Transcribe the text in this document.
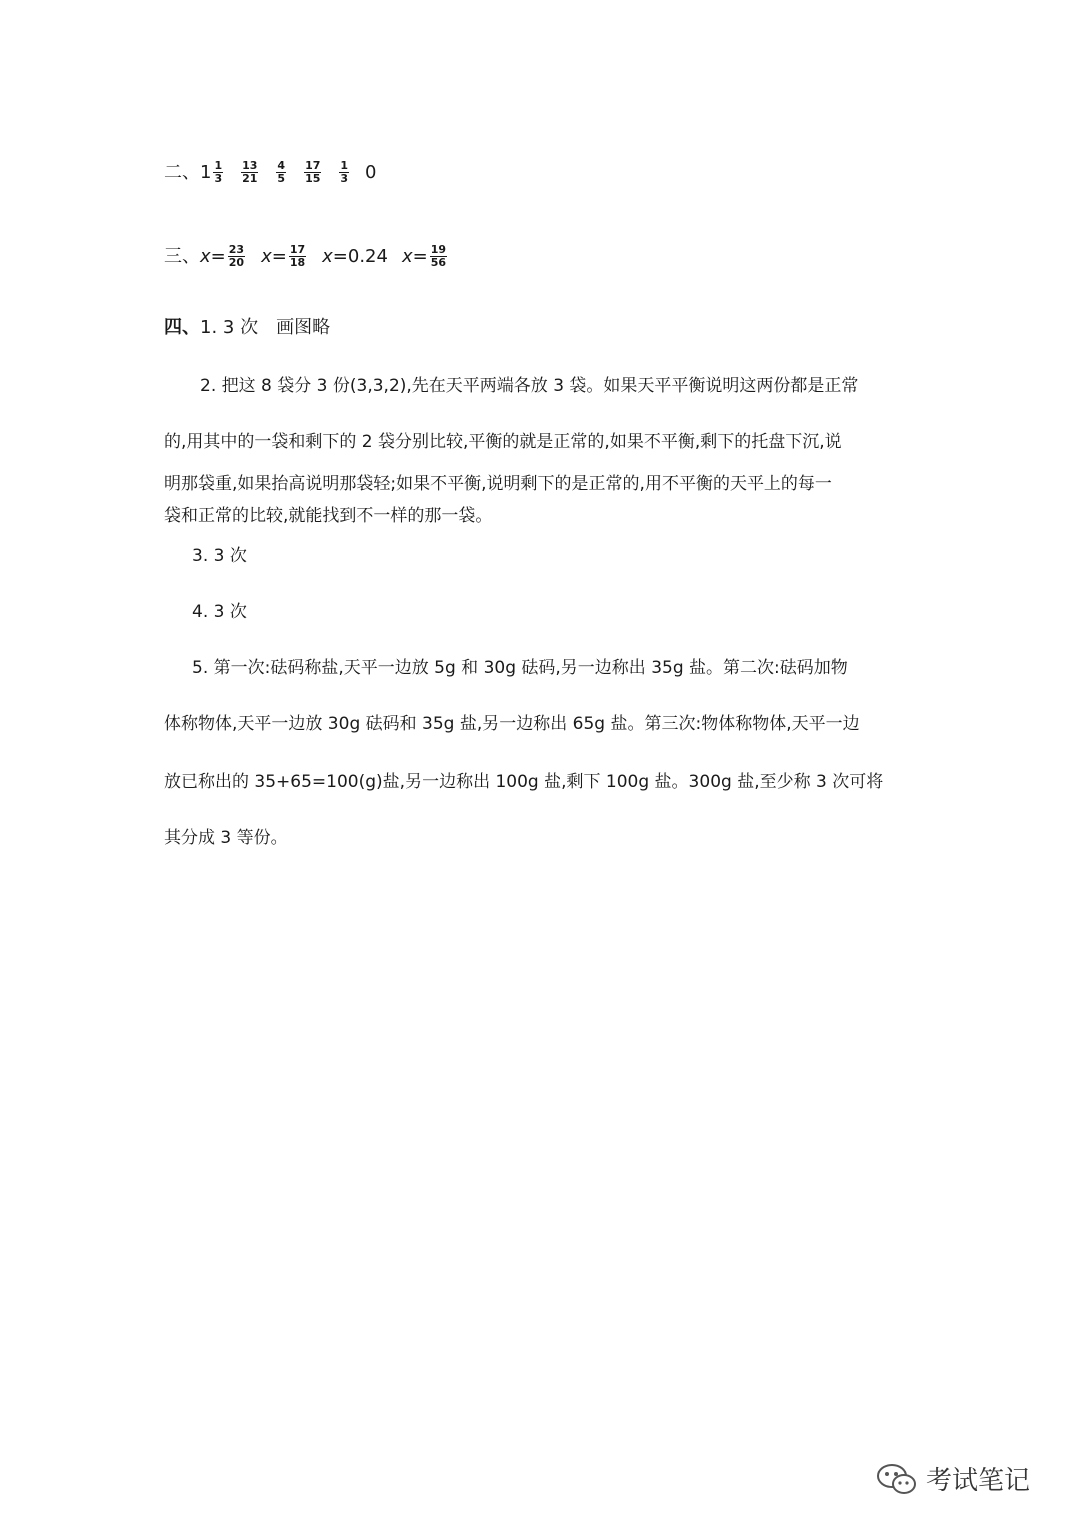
二、 $1 \frac{1}{3} \frac{13}{21} \frac{4}{5} \frac{17}{15} \frac{1}{3} 0$
三、 $x = \frac{23}{20}$ $x = \frac{17}{18}$ x =0.24 $x = \frac{19}{56}$
四、1. 3 次　画图略
2. 把这 8 袋分 3 份(3,3,2),先在天平两端各放 3 袋。如果天平平衡说明这两份都是正常
的,用其中的一袋和剩下的 2 袋分别比较,平衡的就是正常的,如果不平衡,剩下的托盘下沉,说
明那袋重,如果抬高说明那袋轻;如果不平衡,说明剩下的是正常的,用不平衡的天平上的每一
袋和正常的比较,就能找到不一样的那一袋。
3. 3 次
4. 3 次
5. 第一次:砝码称盐,天平一边放 5g 和 30g 砝码,另一边称出 35g 盐。第二次:砝码加物
体称物体,天平一边放 30g 砝码和 35g 盐,另一边称出 65g 盐。第三次:物体称物体,天平一边
放已称出的 35+65=100(g)盐,另一边称出 100g 盐,剩下 100g 盐。300g 盐,至少称 3 次可将
其分成 3 等份。
考试笔记
